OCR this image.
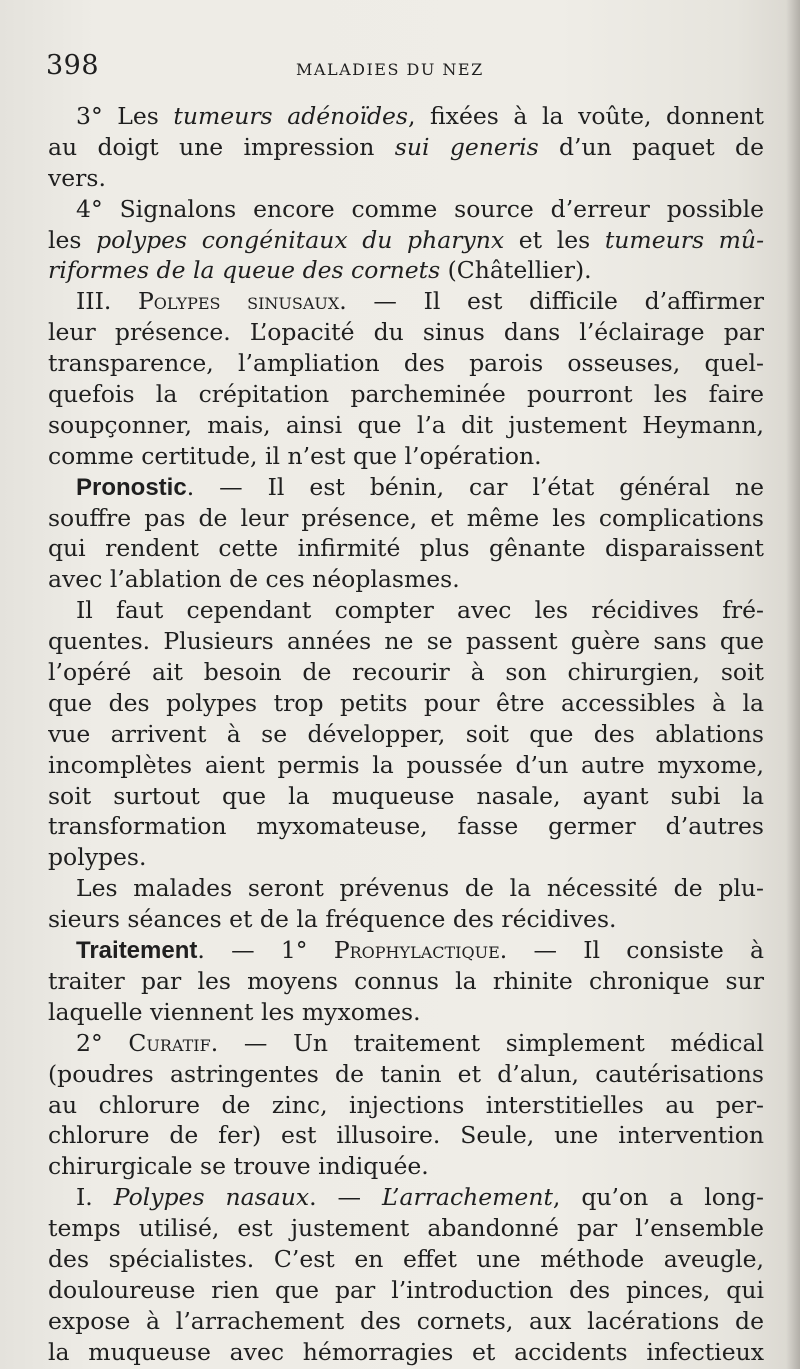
398	MALADIES DU NEZ
3° Les tumeurs adénoïdes, fixées à la voûte, donnent
au doigt une impression sui generis d’un paquet de
vers.
4° Signalons encore comme source d’erreur possible
les polypes congénitaux du pharynx et les tumeurs mû-
riformes de la queue des cornets (Châtellier).
III. Polypes sinusaux. — Il est difficile d’affirmer
leur présence. L’opacité du sinus dans l’éclairage par
transparence, l’ampliation des parois osseuses, quel-
quefois la crépitation parcheminée pourront les faire
soupçonner, mais, ainsi que l’a dit justement Heymann,
comme certitude, il n’est que l’opération.
Pronostic. — Il est bénin, car l’état général ne
souffre pas de leur présence, et même les complications
qui rendent cette infirmité plus gênante disparaissent
avec l’ablation de ces néoplasmes.
Il faut cependant compter avec les récidives fré-
quentes. Plusieurs années ne se passent guère sans que
l’opéré ait besoin de recourir à son chirurgien, soit
que des polypes trop petits pour être accessibles à la
vue arrivent à se développer, soit que des ablations
incomplètes aient permis la poussée d’un autre myxome,
soit surtout que la muqueuse nasale, ayant subi la
transformation myxomateuse, fasse germer d’autres
polypes.
Les malades seront prévenus de la nécessité de plu-
sieurs séances et de la fréquence des récidives.
Traitement. — 1° Prophylactique. — Il consiste à
traiter par les moyens connus la rhinite chronique sur
laquelle viennent les myxomes.
2° Curatif. — Un traitement simplement médical
(poudres astringentes de tanin et d’alun, cautérisations
au chlorure de zinc, injections interstitielles au per-
chlorure de fer) est illusoire. Seule, une intervention
chirurgicale se trouve indiquée.
I. Polypes nasaux. — L’arrachement, qu’on a long-
temps utilisé, est justement abandonné par l’ensemble
des spécialistes. C’est en effet une méthode aveugle,
douloureuse rien que par l’introduction des pinces, qui
expose à l’arrachement des cornets, aux lacérations de
la muqueuse avec hémorragies et accidents infectieux
